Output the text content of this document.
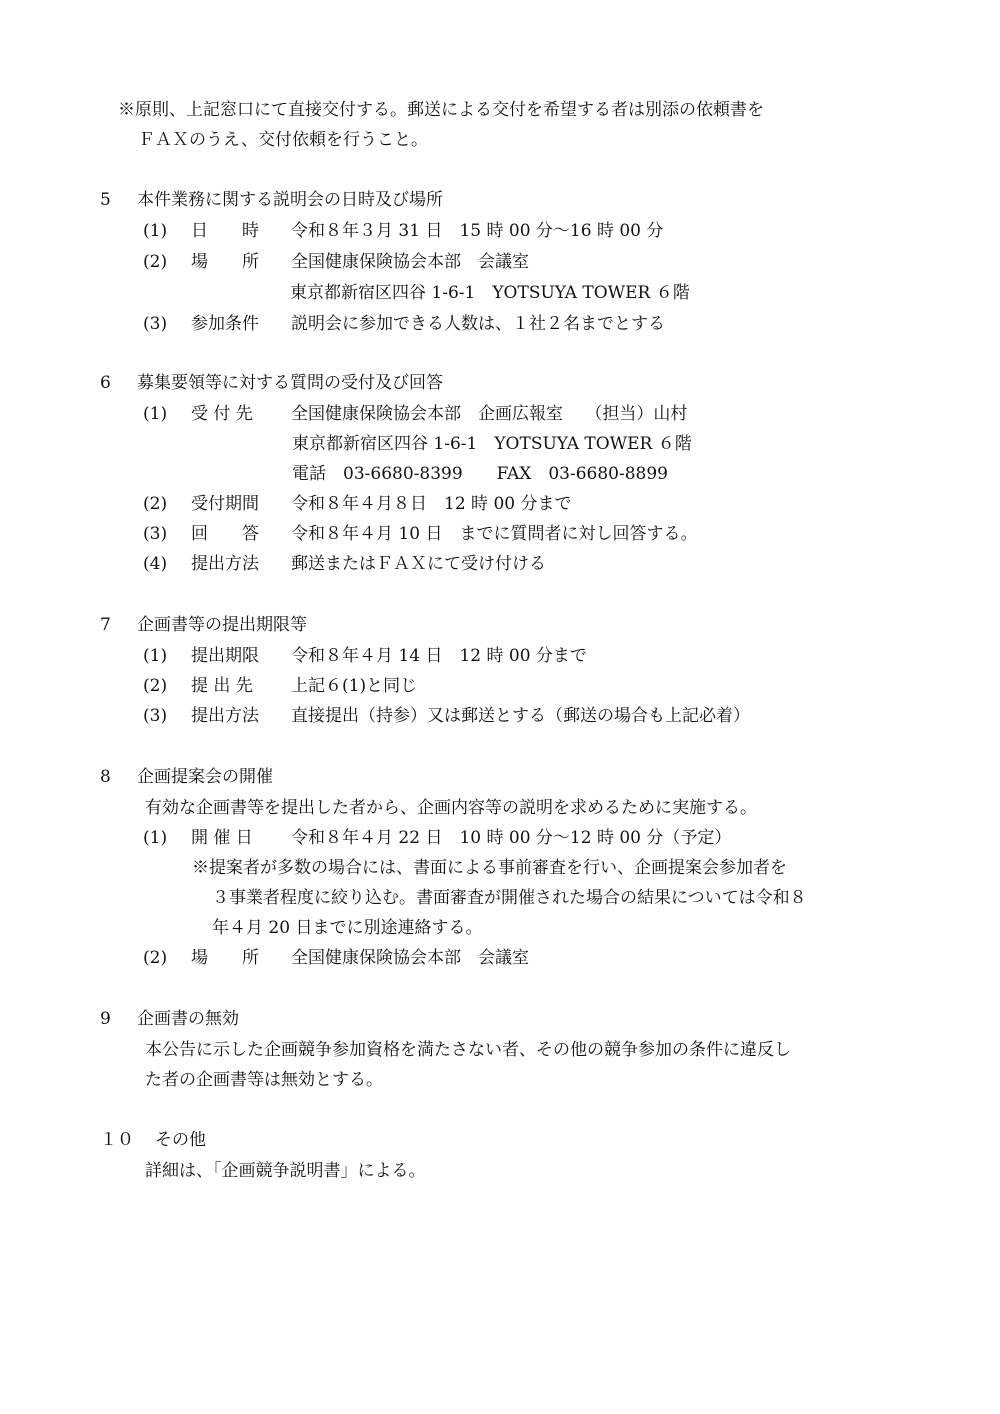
※原則、上記窓口にて直接交付する。郵送による交付を希望する者は別添の依頼書を
ＦＡＸのうえ、交付依頼を行うこと。
5 本件業務に関する説明会の日時及び場所
(1) 日　　時 令和８年３月 31 日　15 時 00 分～16 時 00 分
(2) 場　　所 全国健康保険協会本部　会議室
東京都新宿区四谷 1-6-1　YOTSUYA TOWER ６階
(3) 参加条件 説明会に参加できる人数は、１社２名までとする
6 募集要領等に対する質問の受付及び回答
(1) 受 付 先 全国健康保険協会本部　企画広報室　 （担当）山村
東京都新宿区四谷 1-6-1　YOTSUYA TOWER ６階
電話　03-6680-8399　　FAX　03-6680-8899
(2) 受付期間 令和８年４月８日　12 時 00 分まで
(3) 回　　答 令和８年４月 10 日　までに質問者に対し回答する。
(4) 提出方法 郵送またはＦＡＸにて受け付ける
7 企画書等の提出期限等
(1) 提出期限 令和８年４月 14 日　12 時 00 分まで
(2) 提 出 先 上記６(1)と同じ
(3) 提出方法 直接提出（持参）又は郵送とする（郵送の場合も上記必着）
8 企画提案会の開催
有効な企画書等を提出した者から、企画内容等の説明を求めるために実施する。
(1) 開 催 日 令和８年４月 22 日　10 時 00 分～12 時 00 分（予定）
※提案者が多数の場合には、書面による事前審査を行い、企画提案会参加者を
３事業者程度に絞り込む。書面審査が開催された場合の結果については令和８
年４月 20 日までに別途連絡する。
(2) 場　　所 全国健康保険協会本部　会議室
9 企画書の無効
本公告に示した企画競争参加資格を満たさない者、その他の競争参加の条件に違反し
た者の企画書等は無効とする。
１０ その他
詳細は、「企画競争説明書」による。
